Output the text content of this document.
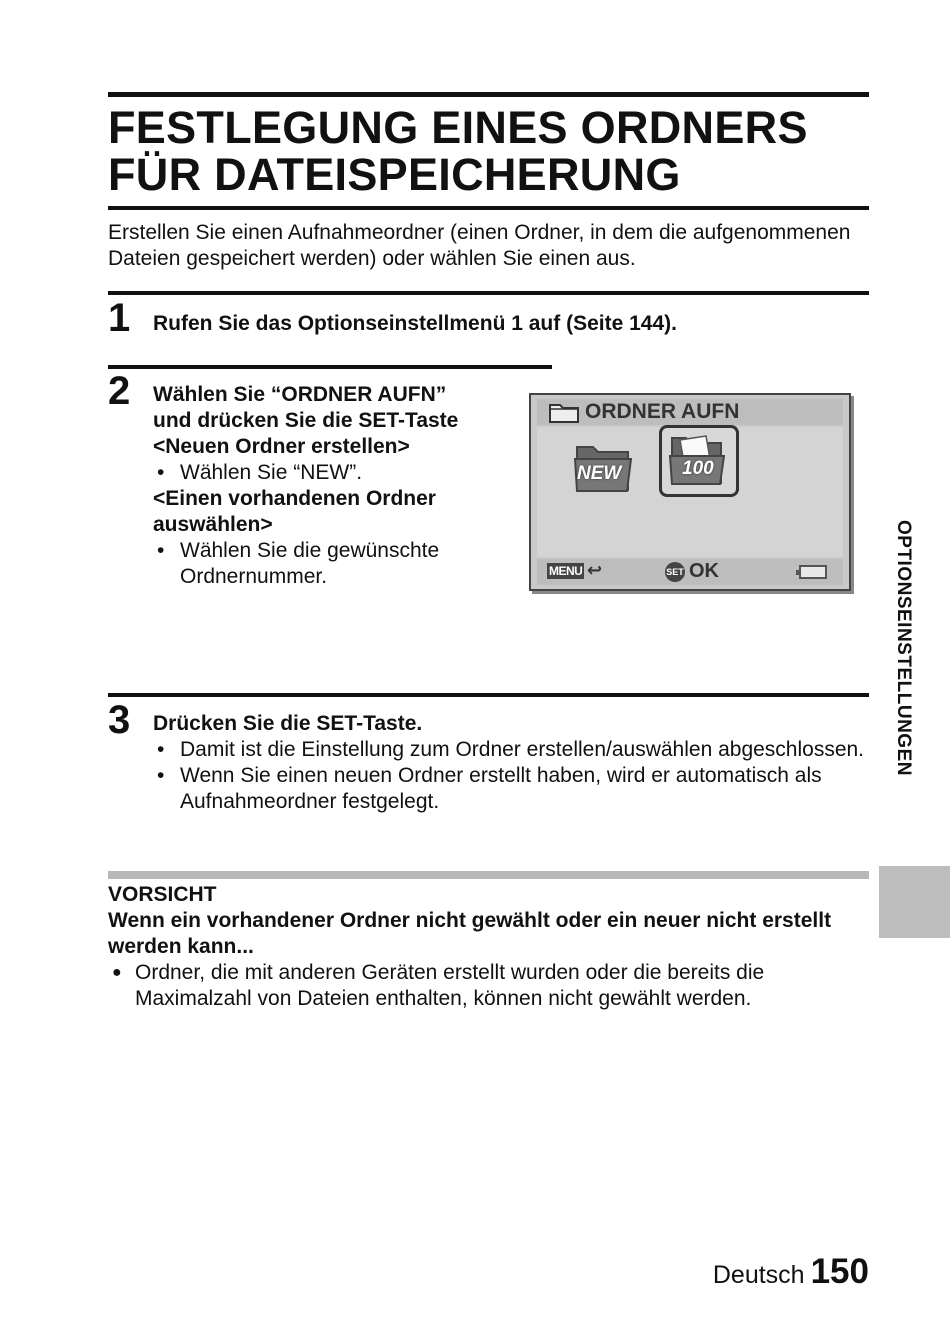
FESTLEGUNG EINES ORDNERS
FÜR DATEISPEICHERUNG

Erstellen Sie einen Aufnahmeordner (einen Ordner, in dem die aufgenommenen Dateien gespeichert werden) oder wählen Sie einen aus.

1 Rufen Sie das Optionseinstellmenü 1 auf (Seite 144).
2 Wählen Sie “ORDNER AUFN”
und drücken Sie die SET-Taste
<Neuen Ordner erstellen>
• Wählen Sie “NEW”.
<Einen vorhandenen Ordner auswählen>
• Wählen Sie die gewünschte Ordnernummer.
ORDNER AUFN
NEW	100
MENU ↩	SET OK
3 Drücken Sie die SET-Taste.
• Damit ist die Einstellung zum Ordner erstellen/auswählen abgeschlossen.
• Wenn Sie einen neuen Ordner erstellt haben, wird er automatisch als Aufnahmeordner festgelegt.
OPTIONSEINSTELLUNGEN
VORSICHT
Wenn ein vorhandener Ordner nicht gewählt oder ein neuer nicht erstellt werden kann...
● Ordner, die mit anderen Geräten erstellt wurden oder die bereits die Maximalzahl von Dateien enthalten, können nicht gewählt werden.
Deutsch 150
